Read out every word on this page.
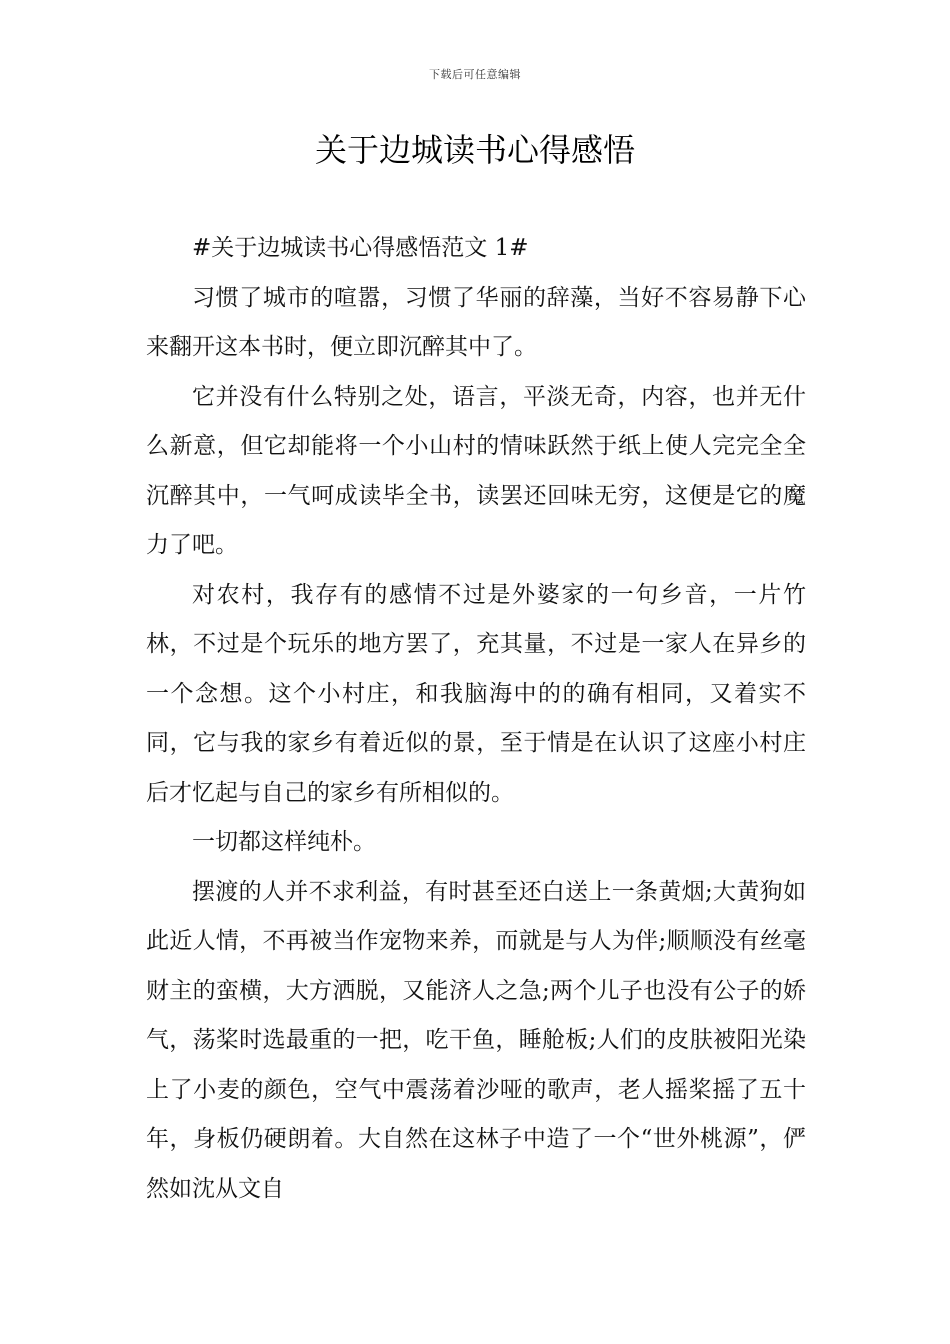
下载后可任意编辑
关于边城读书心得感悟

#关于边城读书心得感悟范文 1#

习惯了城市的喧嚣，习惯了华丽的辞藻，当好不容易静下心来翻开这本书时，便立即沉醉其中了。

它并没有什么特别之处，语言，平淡无奇，内容，也并无什么新意，但它却能将一个小山村的情味跃然于纸上使人完完全全沉醉其中，一气呵成读毕全书，读罢还回味无穷，这便是它的魔力了吧。

对农村，我存有的感情不过是外婆家的一句乡音，一片竹林，不过是个玩乐的地方罢了，充其量，不过是一家人在异乡的一个念想。这个小村庄，和我脑海中的的确有相同，又着实不同，它与我的家乡有着近似的景，至于情是在认识了这座小村庄后才忆起与自己的家乡有所相似的。

一切都这样纯朴。

摆渡的人并不求利益，有时甚至还白送上一条黄烟;大黄狗如此近人情，不再被当作宠物来养，而就是与人为伴;顺顺没有丝毫财主的蛮横，大方洒脱，又能济人之急;两个儿子也没有公子的娇气，荡桨时选最重的一把，吃干鱼，睡舱板;人们的皮肤被阳光染上了小麦的颜色，空气中震荡着沙哑的歌声，老人摇桨摇了五十年，身板仍硬朗着。大自然在这林子中造了一个“世外桃源”，俨然如沈从文自
